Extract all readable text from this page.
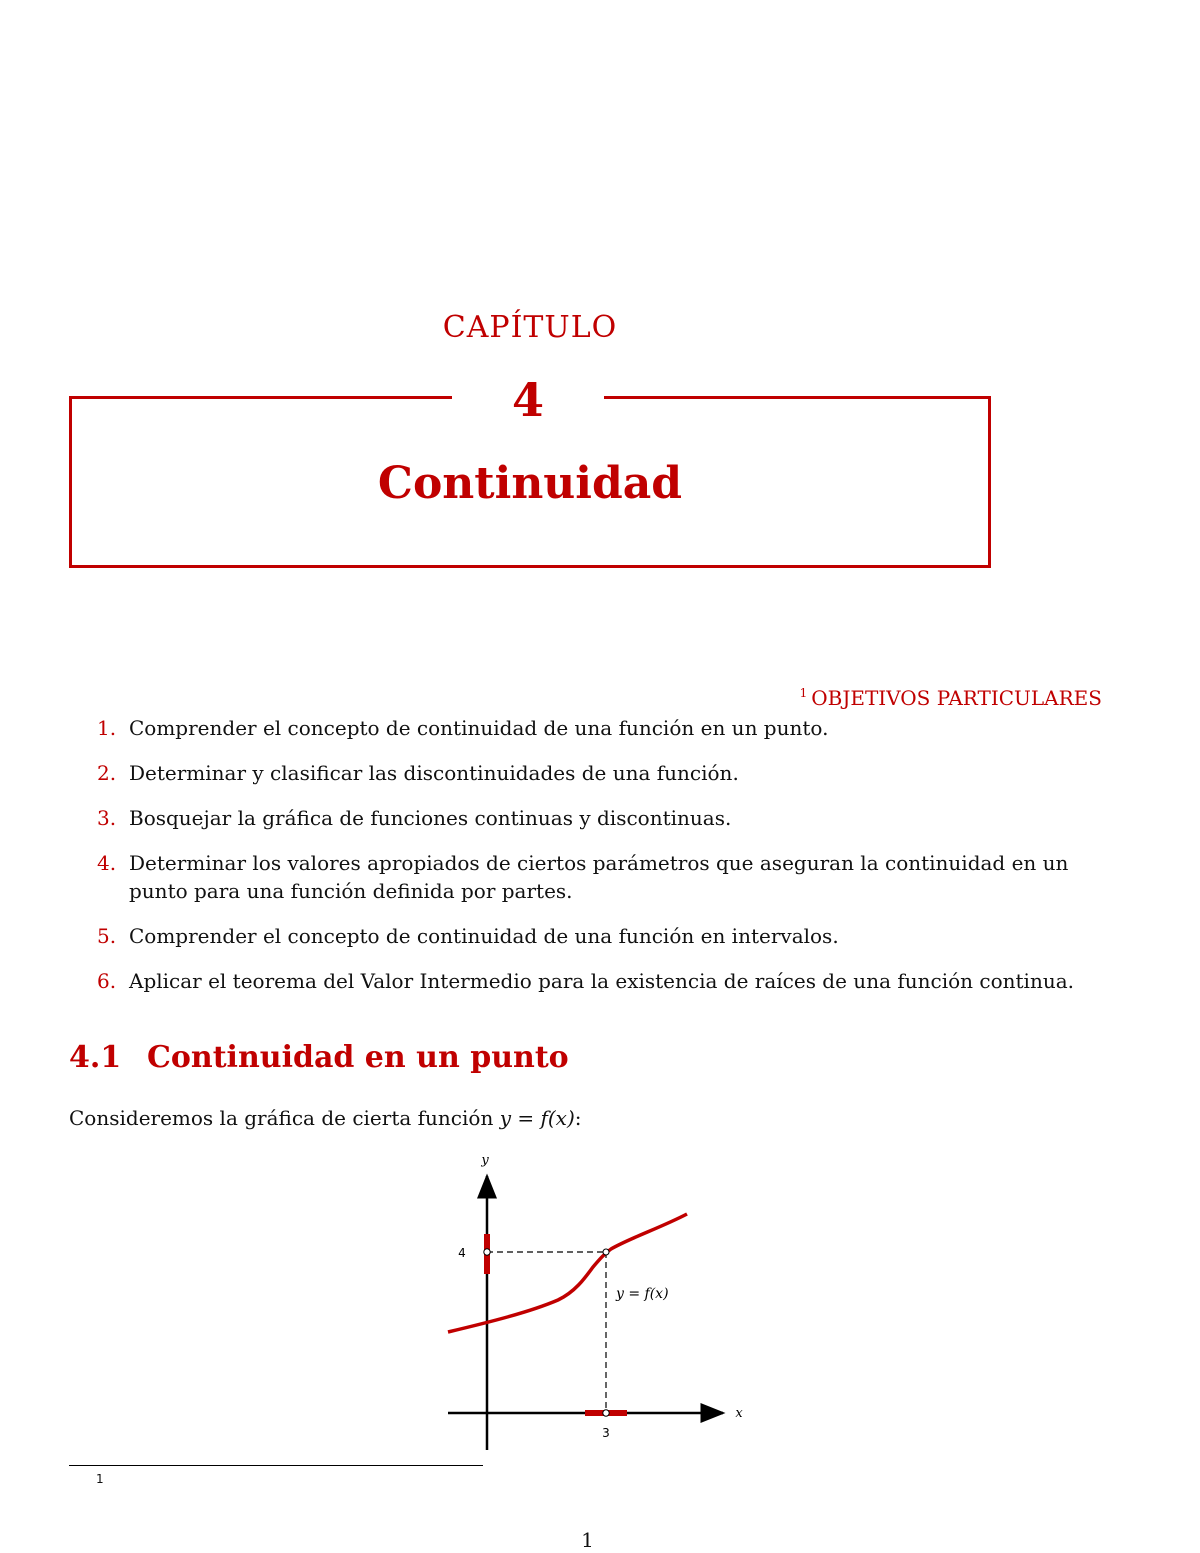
CAPÍTULO
4
Continuidad
$^1$ OBJETIVOS PARTICULARES
1. Comprender el concepto de continuidad de una función en un punto.
2. Determinar y clasificar las discontinuidades de una función.
3. Bosquejar la gráfica de funciones continuas y discontinuas.
4. Determinar los valores apropiados de ciertos parámetros que aseguran la continuidad en un punto para una función definida por partes.
5. Comprender el concepto de continuidad de una función en intervalos.
6. Aplicar el teorema del Valor Intermedio para la existencia de raíces de una función continua.
4.1 Continuidad en un punto
Consideremos la gráfica de cierta función y = f(x):
y
x
4
3
y = f(x)
1
1
